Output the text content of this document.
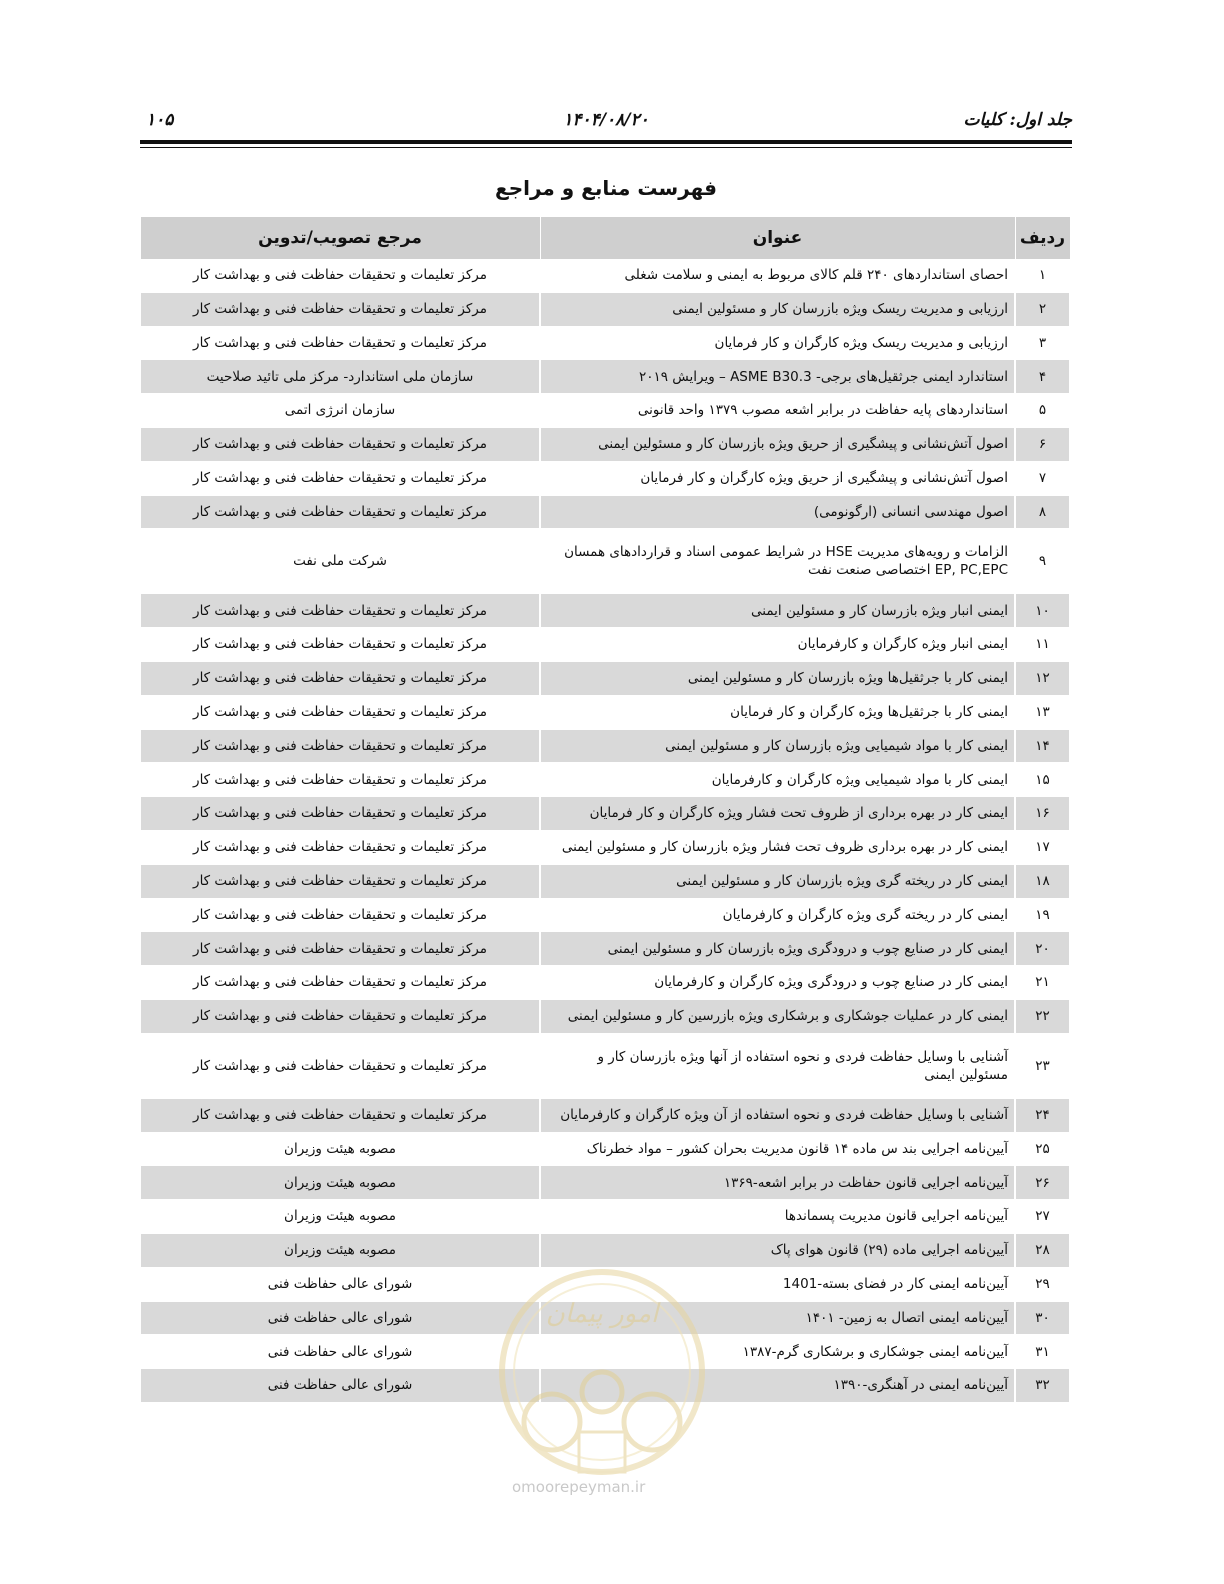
۱۰۵	۱۴۰۴/۰۸/۲۰	جلد اول: کلیات
فهرست منابع و مراجع
ردیف	عنوان	مرجع تصویب/تدوین
۱	احصای استانداردهای ۲۴۰ قلم کالای مربوط به ایمنی و سلامت شغلی	مرکز تعلیمات و تحقیقات حفاظت فنی و بهداشت کار
۲	ارزیابی و مدیریت ریسک ویژه بازرسان کار و مسئولین ایمنی	مرکز تعلیمات و تحقیقات حفاظت فنی و بهداشت کار
۳	ارزیابی و مدیریت ریسک ویژه کارگران و کار فرمایان	مرکز تعلیمات و تحقیقات حفاظت فنی و بهداشت کار
۴	استاندارد ایمنی جرثقیل‌های برجی- ASME B30.3 – ویرایش ۲۰۱۹	سازمان ملی استاندارد- مرکز ملی تائید صلاحیت
۵	استانداردهای پایه حفاظت در برابر اشعه مصوب ۱۳۷۹ واحد قانونی	سازمان انرژی اتمی
۶	اصول آتش‌نشانی و پیشگیری از حریق ویژه بازرسان کار و مسئولین ایمنی	مرکز تعلیمات و تحقیقات حفاظت فنی و بهداشت کار
۷	اصول آتش‌نشانی و پیشگیری از حریق ویژه کارگران و کار فرمایان	مرکز تعلیمات و تحقیقات حفاظت فنی و بهداشت کار
۸	اصول مهندسی انسانی (ارگونومی)	مرکز تعلیمات و تحقیقات حفاظت فنی و بهداشت کار
۹	الزامات و رویه‌های مدیریت HSE در شرایط عمومی اسناد و قراردادهای همسان EP, PC,EPC اختصاصی صنعت نفت	شرکت ملی نفت
۱۰	ایمنی انبار ویژه بازرسان کار و مسئولین ایمنی	مرکز تعلیمات و تحقیقات حفاظت فنی و بهداشت کار
۱۱	ایمنی انبار ویژه کارگران و کارفرمایان	مرکز تعلیمات و تحقیقات حفاظت فنی و بهداشت کار
۱۲	ایمنی کار با جرثقیل‌ها ویژه بازرسان کار و مسئولین ایمنی	مرکز تعلیمات و تحقیقات حفاظت فنی و بهداشت کار
۱۳	ایمنی کار با جرثقیل‌ها ویژه کارگران و کار فرمایان	مرکز تعلیمات و تحقیقات حفاظت فنی و بهداشت کار
۱۴	ایمنی کار با مواد شیمیایی ویژه بازرسان کار و مسئولین ایمنی	مرکز تعلیمات و تحقیقات حفاظت فنی و بهداشت کار
۱۵	ایمنی کار با مواد شیمیایی ویژه کارگران و کارفرمایان	مرکز تعلیمات و تحقیقات حفاظت فنی و بهداشت کار
۱۶	ایمنی کار در بهره برداری از ظروف تحت فشار ویژه کارگران و کار فرمایان	مرکز تعلیمات و تحقیقات حفاظت فنی و بهداشت کار
۱۷	ایمنی کار در بهره برداری ظروف تحت فشار ویژه بازرسان کار و مسئولین ایمنی	مرکز تعلیمات و تحقیقات حفاظت فنی و بهداشت کار
۱۸	ایمنی کار در ریخته گری ویژه بازرسان کار و مسئولین ایمنی	مرکز تعلیمات و تحقیقات حفاظت فنی و بهداشت کار
۱۹	ایمنی کار در ریخته گری ویژه کارگران و کارفرمایان	مرکز تعلیمات و تحقیقات حفاظت فنی و بهداشت کار
۲۰	ایمنی کار در صنایع چوب و درودگری ویژه بازرسان کار و مسئولین ایمنی	مرکز تعلیمات و تحقیقات حفاظت فنی و بهداشت کار
۲۱	ایمنی کار در صنایع چوب و درودگری ویژه کارگران و کارفرمایان	مرکز تعلیمات و تحقیقات حفاظت فنی و بهداشت کار
۲۲	ایمنی کار در عملیات جوشکاری و برشکاری ویژه بازرسین کار و مسئولین ایمنی	مرکز تعلیمات و تحقیقات حفاظت فنی و بهداشت کار
۲۳	آشنایی با وسایل حفاظت فردی و نحوه استفاده از آنها ویژه بازرسان کار و مسئولین ایمنی	مرکز تعلیمات و تحقیقات حفاظت فنی و بهداشت کار
۲۴	آشنایی با وسایل حفاظت فردی و نحوه استفاده از آن ویژه کارگران و کارفرمایان	مرکز تعلیمات و تحقیقات حفاظت فنی و بهداشت کار
۲۵	آیین‌نامه اجرایی بند س ماده ۱۴ قانون مدیریت بحران کشور – مواد خطرناک	مصوبه هیئت وزیران
۲۶	آیین‌نامه اجرایی قانون حفاظت در برابر اشعه-۱۳۶۹	مصوبه هیئت وزیران
۲۷	آیین‌نامه اجرایی قانون مدیریت پسماندها	مصوبه هیئت وزیران
۲۸	آیین‌نامه اجرایی ماده (۲۹) قانون هوای پاک	مصوبه هیئت وزیران
۲۹	آیین‌نامه ایمنی کار در فضای بسته-1401	شورای عالی حفاظت فنی
۳۰	آیین‌نامه ایمنی اتصال به زمین- ۱۴۰۱	شورای عالی حفاظت فنی
۳۱	آیین‌نامه ایمنی جوشکاری و برشکاری گرم-۱۳۸۷	شورای عالی حفاظت فنی
۳۲	آیین‌نامه ایمنی در آهنگری-۱۳۹۰	شورای عالی حفاظت فنی
امور پیمان
omoorepeyman.ir
